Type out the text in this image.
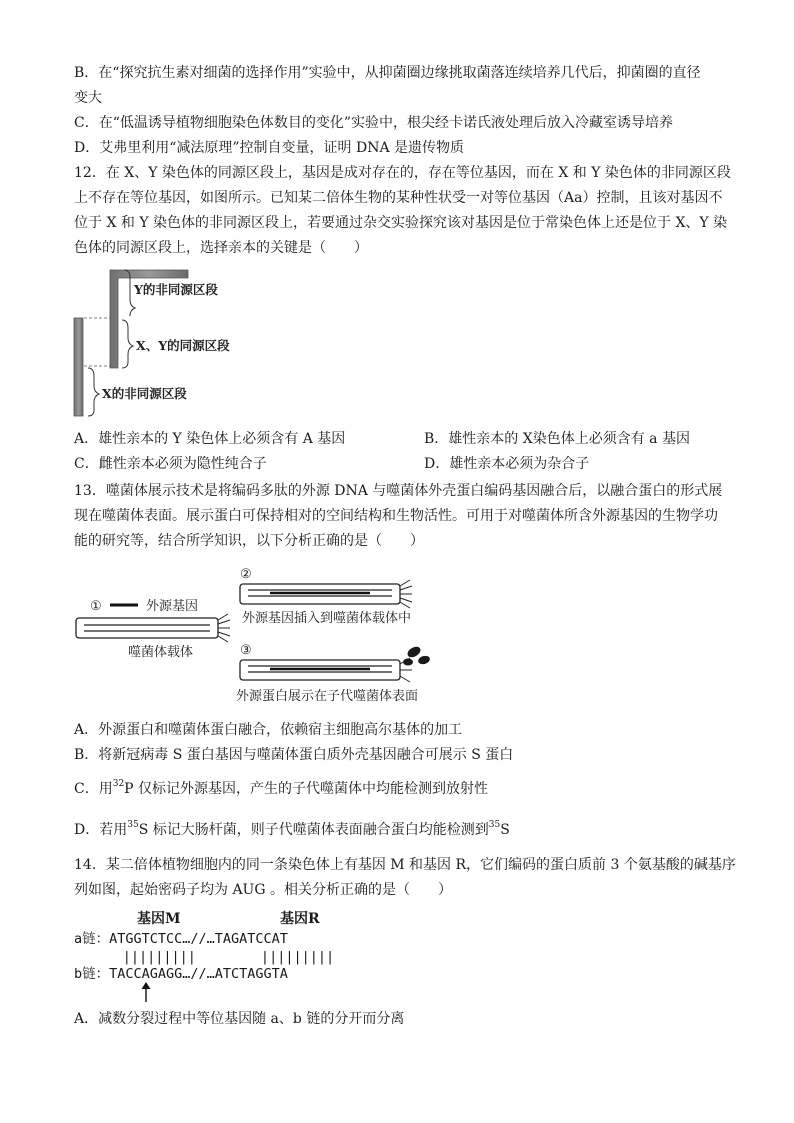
B．在“探究抗生素对细菌的选择作用”实验中，从抑菌圈边缘挑取菌落连续培养几代后，抑菌圈的直径
变大
C．在“低温诱导植物细胞染色体数目的变化”实验中，根尖经卡诺氏液处理后放入冷藏室诱导培养
D．艾弗里利用“减法原理”控制自变量，证明 DNA 是遗传物质
12．在 X、Y 染色体的同源区段上，基因是成对存在的，存在等位基因，而在 X 和 Y 染色体的非同源区段
上不存在等位基因，如图所示。已知某二倍体生物的某种性状受一对等位基因（Aa）控制，且该对基因不
位于 X 和 Y 染色体的非同源区段上，若要通过杂交实验探究该对基因是位于常染色体上还是位于 X、Y 染
色体的同源区段上，选择亲本的关键是（　　）
Y的非同源区段
X、Y的同源区段
X的非同源区段
A．雄性亲本的 Y 染色体上必须含有 A 基因	B．雄性亲本的 X染色体上必须含有 a 基因
C．雌性亲本必须为隐性纯合子	D．雄性亲本必须为杂合子
13．噬菌体展示技术是将编码多肽的外源 DNA 与噬菌体外壳蛋白编码基因融合后，以融合蛋白的形式展
现在噬菌体表面。展示蛋白可保持相对的空间结构和生物活性。可用于对噬菌体所含外源基因的生物学功
能的研究等，结合所学知识，以下分析正确的是（　　）
①	外源基因
噬菌体载体
②
外源基因插入到噬菌体载体中
③
外源蛋白展示在子代噬菌体表面
A．外源蛋白和噬菌体蛋白融合，依赖宿主细胞高尔基体的加工
B．将新冠病毒 S 蛋白基因与噬菌体蛋白质外壳基因融合可展示 S 蛋白
C．用$^{32}$P 仅标记外源基因，产生的子代噬菌体中均能检测到放射性
D．若用$^{35}$S 标记大肠杆菌，则子代噬菌体表面融合蛋白均能检测到$^{35}$S
14．某二倍体植物细胞内的同一条染色体上有基因 M 和基因 R，它们编码的蛋白质前 3 个氨基酸的碱基序
列如图，起始密码子均为 AUG 。相关分析正确的是（　　）
基因M	基因R
a链：ATGGTCTCC…//…TAGATCCAT
|||||||||        |||||||||
b链：TACCAGAGG…//…ATCTAGGTA
A．减数分裂过程中等位基因随 a、b 链的分开而分离
